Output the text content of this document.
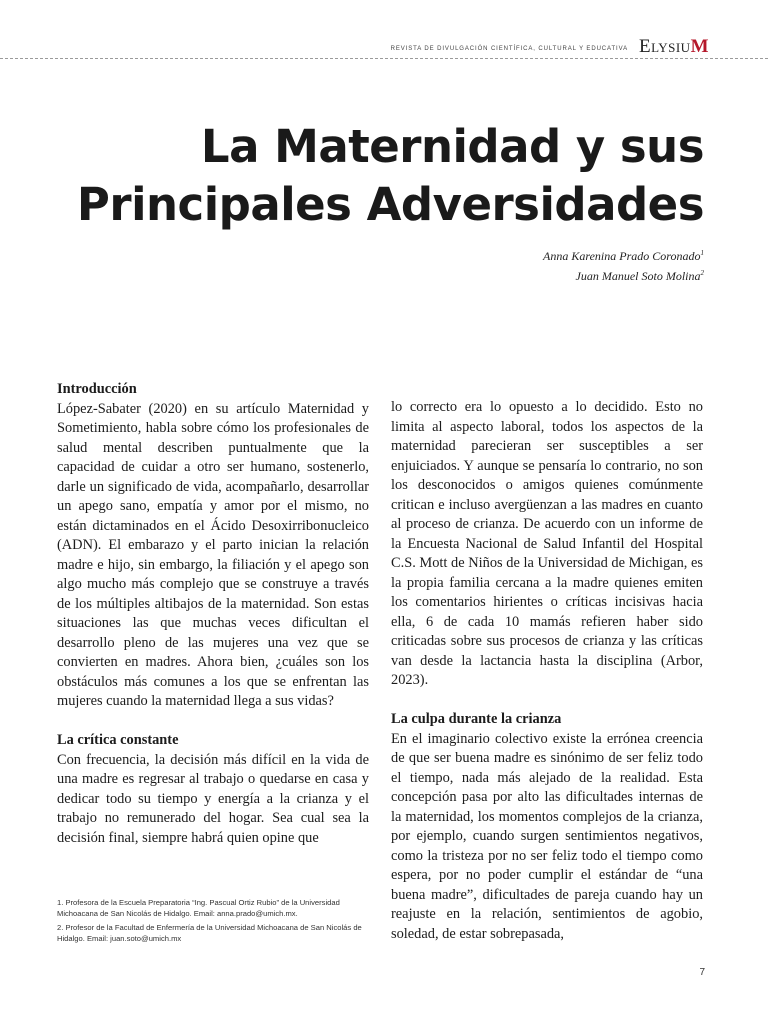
REVISTA DE DIVULGACIÓN CIENTÍFICA, CULTURAL Y EDUCATIVA ElysiuM
La Maternidad y sus
Principales Adversidades
Anna Karenina Prado Coronado$^1$
Juan Manuel Soto Molina$^2$
Introducción

López-Sabater (2020) en su artículo Maternidad y Sometimiento, habla sobre cómo los profesionales de salud mental describen puntualmente que la capacidad de cuidar a otro ser humano, sostenerlo, darle un significado de vida, acompañarlo, desarrollar un apego sano, empatía y amor por el mismo, no están dictaminados en el Ácido Desoxirribonucleico (ADN). El embarazo y el parto inician la relación madre e hijo, sin embargo, la filiación y el apego son algo mucho más complejo que se construye a través de los múltiples altibajos de la maternidad. Son estas situaciones las que muchas veces dificultan el desarrollo pleno de las mujeres una vez que se convierten en madres. Ahora bien, ¿cuáles son los obstáculos más comunes a los que se enfrentan las mujeres cuando la maternidad llega a sus vidas?

La crítica constante

Con frecuencia, la decisión más difícil en la vida de una madre es regresar al trabajo o quedarse en casa y dedicar todo su tiempo y energía a la crianza y el trabajo no remunerado del hogar. Sea cual sea la decisión final, siempre habrá quien opine que

lo correcto era lo opuesto a lo decidido. Esto no limita al aspecto laboral, todos los aspectos de la maternidad parecieran ser susceptibles a ser enjuiciados. Y aunque se pensaría lo contrario, no son los desconocidos o amigos quienes comúnmente critican e incluso avergüenzan a las madres en cuanto al proceso de crianza. De acuerdo con un informe de la Encuesta Nacional de Salud Infantil del Hospital C.S. Mott de Niños de la Universidad de Michigan, es la propia familia cercana a la madre quienes emiten los comentarios hirientes o críticas incisivas hacia ella, 6 de cada 10 mamás refieren haber sido criticadas sobre sus procesos de crianza y las críticas van desde la lactancia hasta la disciplina (Arbor, 2023).

La culpa durante la crianza

En el imaginario colectivo existe la errónea creencia de que ser buena madre es sinónimo de ser feliz todo el tiempo, nada más alejado de la realidad. Esta concepción pasa por alto las dificultades internas de la maternidad, los momentos complejos de la crianza, por ejemplo, cuando surgen sentimientos negativos, como la tristeza por no ser feliz todo el tiempo como espera, por no poder cumplir el estándar de “una buena madre”, dificultades de pareja cuando hay un reajuste en la relación, sentimientos de agobio, soledad, de estar sobrepasada,

1. Profesora de la Escuela Preparatoria “Ing. Pascual Ortiz Rubio” de la Universidad Michoacana de San Nicolás de Hidalgo. Email: anna.prado@umich.mx.

2. Profesor de la Facultad de Enfermería de la Universidad Michoacana de San Nicolás de Hidalgo. Email: juan.soto@umich.mx

7
